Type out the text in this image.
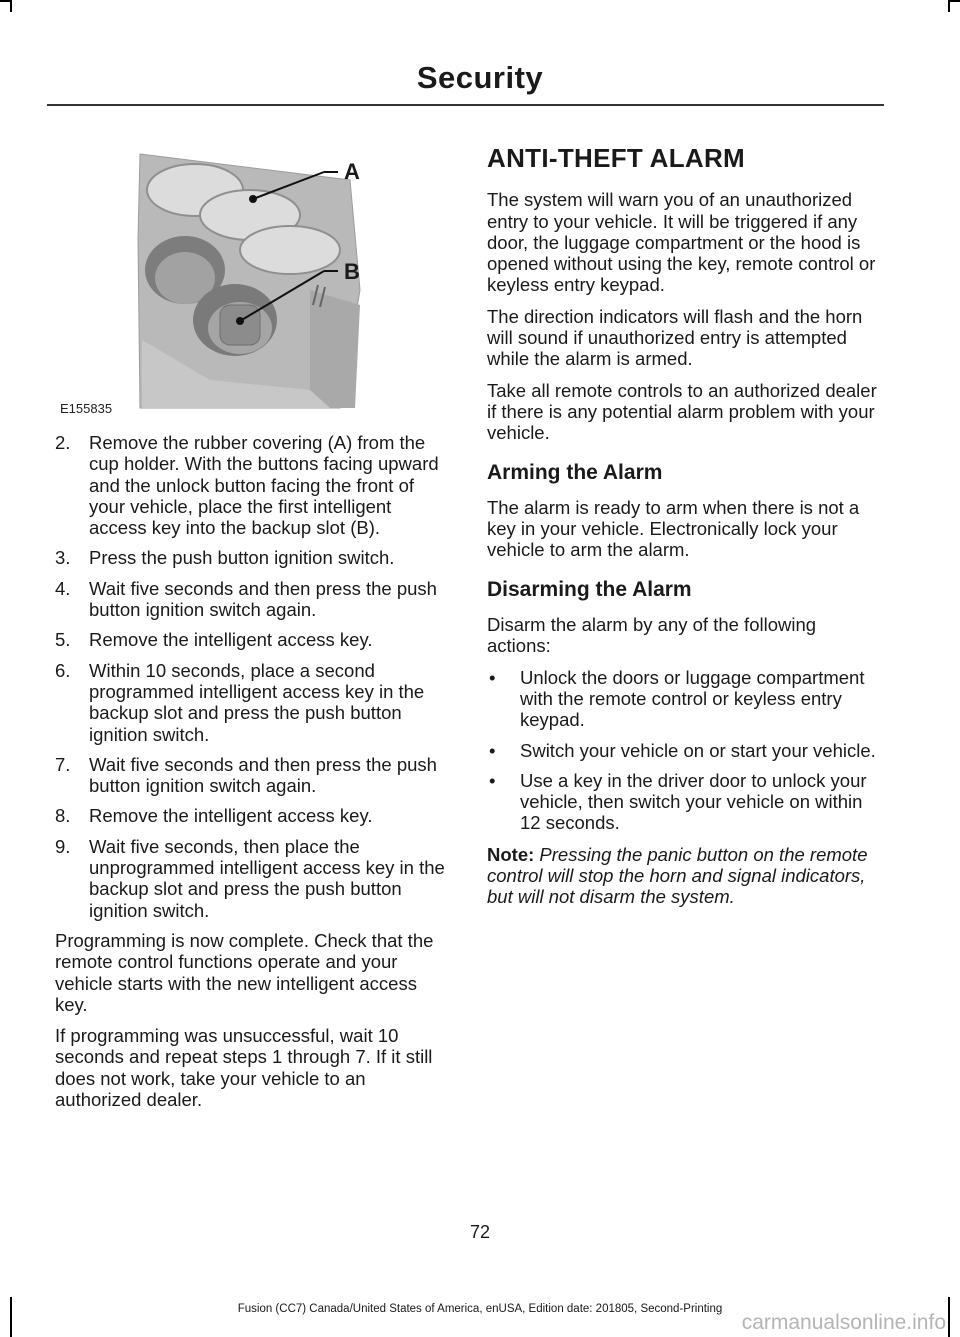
Security
A
B
E155835
2. Remove the rubber covering (A) from the cup holder. With the buttons facing upward and the unlock button facing the front of your vehicle, place the first intelligent access key into the backup slot (B).
3. Press the push button ignition switch.
4. Wait five seconds and then press the push button ignition switch again.
5. Remove the intelligent access key.
6. Within 10 seconds, place a second programmed intelligent access key in the backup slot and press the push button ignition switch.
7. Wait five seconds and then press the push button ignition switch again.
8. Remove the intelligent access key.
9. Wait five seconds, then place the unprogrammed intelligent access key in the backup slot and press the push button ignition switch.

Programming is now complete. Check that the remote control functions operate and your vehicle starts with the new intelligent access key.

If programming was unsuccessful, wait 10 seconds and repeat steps 1 through 7. If it still does not work, take your vehicle to an authorized dealer.

ANTI-THEFT ALARM

The system will warn you of an unauthorized entry to your vehicle. It will be triggered if any door, the luggage compartment or the hood is opened without using the key, remote control or keyless entry keypad.

The direction indicators will flash and the horn will sound if unauthorized entry is attempted while the alarm is armed.

Take all remote controls to an authorized dealer if there is any potential alarm problem with your vehicle.

Arming the Alarm

The alarm is ready to arm when there is not a key in your vehicle. Electronically lock your vehicle to arm the alarm.

Disarming the Alarm

Disarm the alarm by any of the following actions:

• Unlock the doors or luggage compartment with the remote control or keyless entry keypad.
• Switch your vehicle on or start your vehicle.
• Use a key in the driver door to unlock your vehicle, then switch your vehicle on within 12 seconds.

Note: Pressing the panic button on the remote control will stop the horn and signal indicators, but will not disarm the system.

72
Fusion (CC7) Canada/United States of America, enUSA, Edition date: 201805, Second-Printing
carmanualsonline.info
